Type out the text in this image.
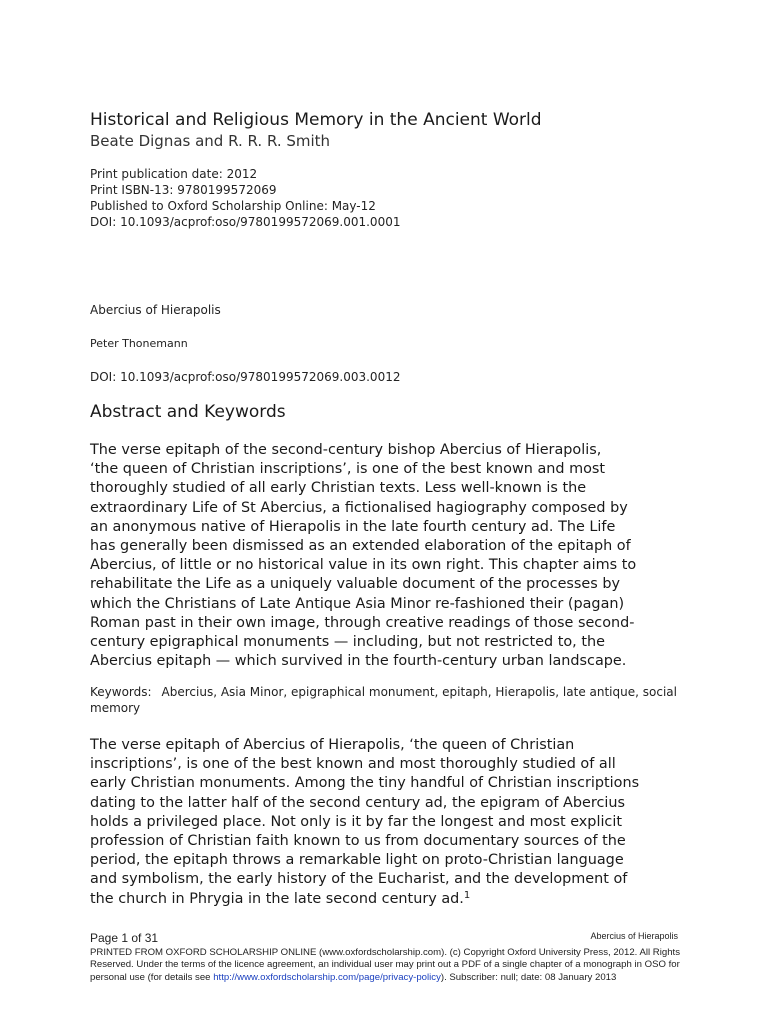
Historical and Religious Memory in the Ancient World
Beate Dignas and R. R. R. Smith
Print publication date: 2012
Print ISBN-13: 9780199572069
Published to Oxford Scholarship Online: May-12
DOI: 10.1093/acprof:oso/9780199572069.001.0001
Abercius of Hierapolis
Peter Thonemann
DOI: 10.1093/acprof:oso/9780199572069.003.0012
Abstract and Keywords
The verse epitaph of the second-century bishop Abercius of Hierapolis,
‘the queen of Christian inscriptions’, is one of the best known and most
thoroughly studied of all early Christian texts. Less well-known is the
extraordinary Life of St Abercius, a fictionalised hagiography composed by
an anonymous native of Hierapolis in the late fourth century ad. The Life
has generally been dismissed as an extended elaboration of the epitaph of
Abercius, of little or no historical value in its own right. This chapter aims to
rehabilitate the Life as a uniquely valuable document of the processes by
which the Christians of Late Antique Asia Minor re-fashioned their (pagan)
Roman past in their own image, through creative readings of those second-
century epigraphical monuments — including, but not restricted to, the
Abercius epitaph — which survived in the fourth-century urban landscape.
Keywords: Abercius, Asia Minor, epigraphical monument, epitaph, Hierapolis, late antique, social memory
The verse epitaph of Abercius of Hierapolis, ‘the queen of Christian
inscriptions’, is one of the best known and most thoroughly studied of all
early Christian monuments. Among the tiny handful of Christian inscriptions
dating to the latter half of the second century ad, the epigram of Abercius
holds a privileged place. Not only is it by far the longest and most explicit
profession of Christian faith known to us from documentary sources of the
period, the epitaph throws a remarkable light on proto-Christian language
and symbolism, the early history of the Eucharist, and the development of
the church in Phrygia in the late second century ad.$^1$
Page 1 of 31	Abercius of Hierapolis
PRINTED FROM OXFORD SCHOLARSHIP ONLINE (www.oxfordscholarship.com). (c) Copyright Oxford University Press, 2012. All Rights Reserved. Under the terms of the licence agreement, an individual user may print out a PDF of a single chapter of a monograph in OSO for personal use (for details see http://www.oxfordscholarship.com/page/privacy-policy). Subscriber: null; date: 08 January 2013
